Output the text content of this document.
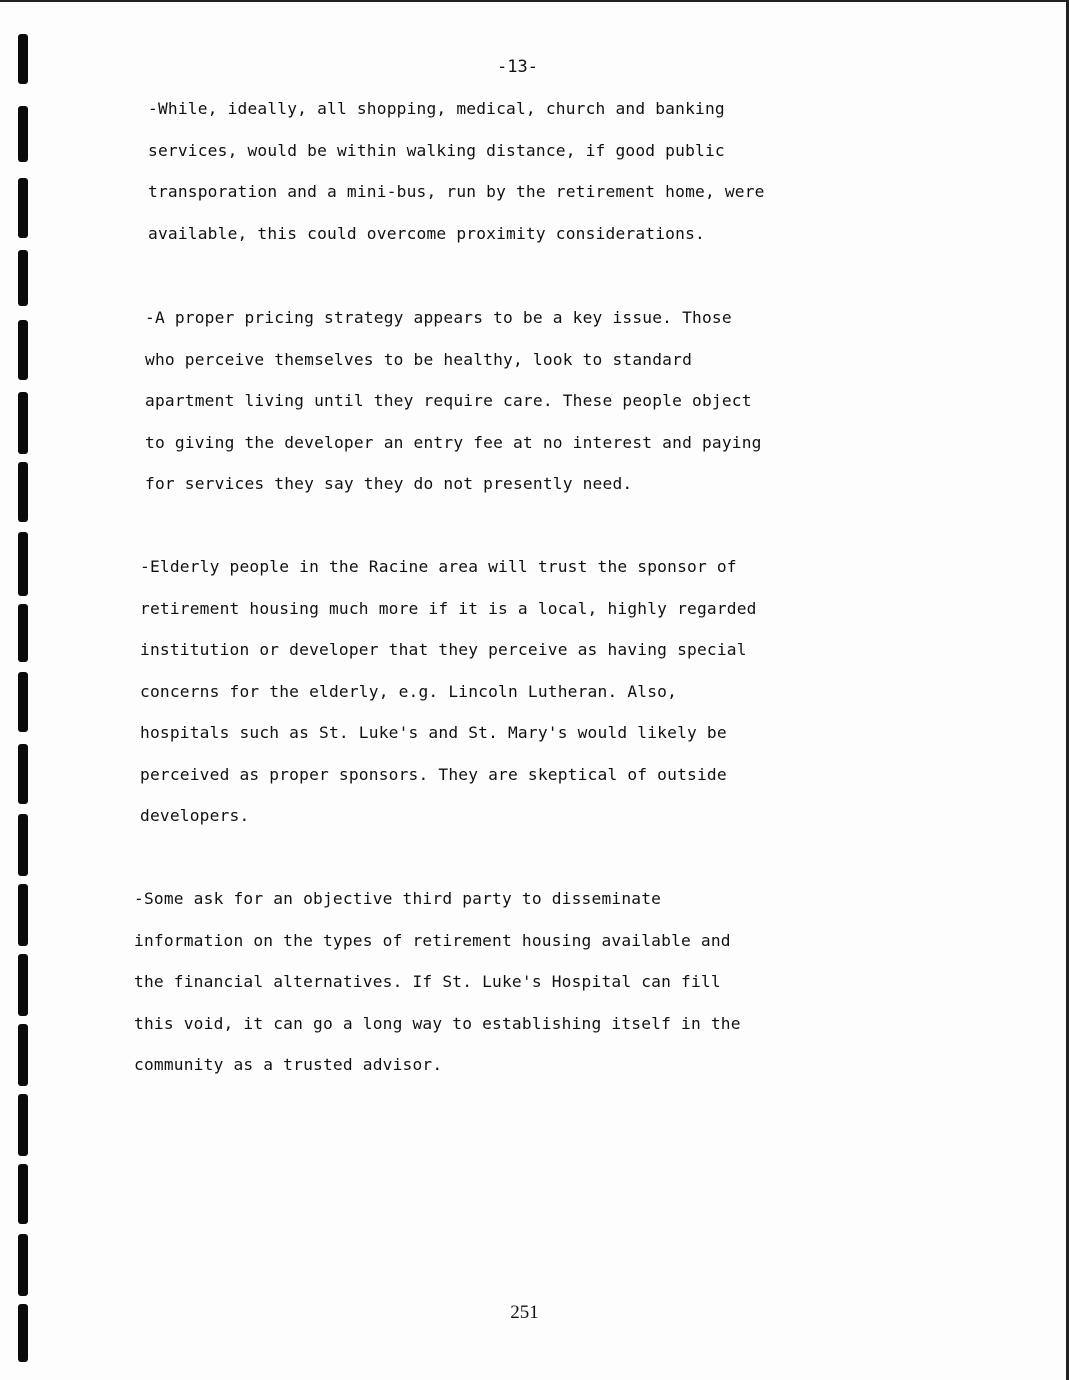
-13-
-While, ideally, all shopping, medical, church and banking
services, would be within walking distance, if good public
transporation and a mini-bus, run by the retirement home, were
available, this could overcome proximity considerations.
-A proper pricing strategy appears to be a key issue. Those
who perceive themselves to be healthy, look to standard
apartment living until they require care. These people object
to giving the developer an entry fee at no interest and paying
for services they say they do not presently need.
-Elderly people in the Racine area will trust the sponsor of
retirement housing much more if it is a local, highly regarded
institution or developer that they perceive as having special
concerns for the elderly, e.g. Lincoln Lutheran. Also,
hospitals such as St. Luke's and St. Mary's would likely be
perceived as proper sponsors. They are skeptical of outside
developers.
-Some ask for an objective third party to disseminate
information on the types of retirement housing available and
the financial alternatives. If St. Luke's Hospital can fill
this void, it can go a long way to establishing itself in the
community as a trusted advisor.
251
